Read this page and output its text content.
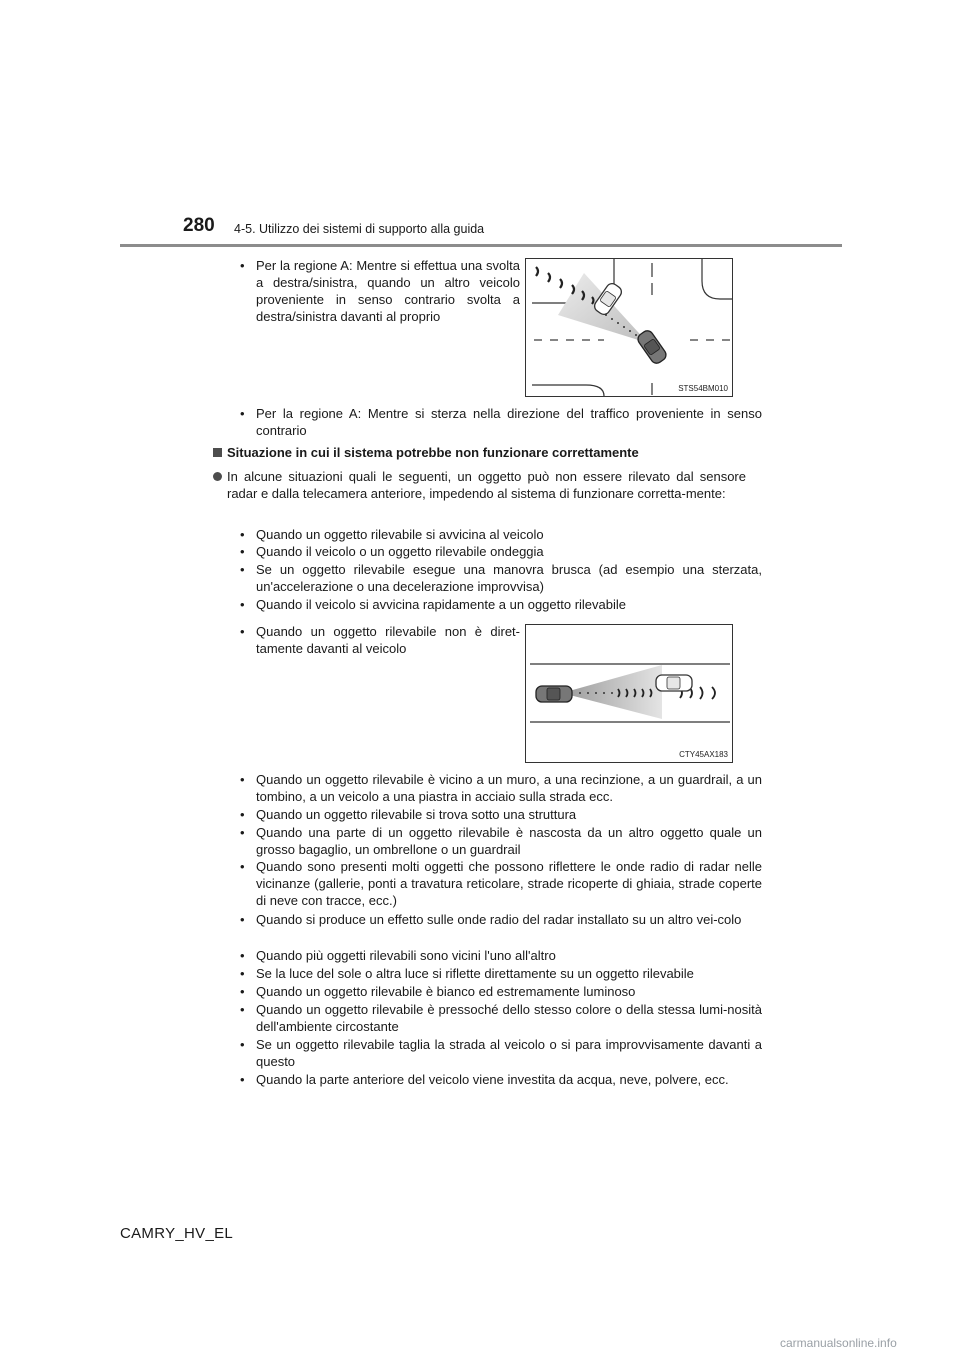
280 4-5. Utilizzo dei sistemi di supporto alla guida
• Per la regione A: Mentre si effettua una svolta a destra/sinistra, quando un altro veicolo proveniente in senso contrario svolta a destra/sinistra davanti al proprio
STS54BM010
• Per la regione A: Mentre si sterza nella direzione del traffico proveniente in senso contrario
Situazione in cui il sistema potrebbe non funzionare correttamente
In alcune situazioni quali le seguenti, un oggetto può non essere rilevato dal sensore radar e dalla telecamera anteriore, impedendo al sistema di funzionare corretta-mente:
• Quando un oggetto rilevabile si avvicina al veicolo
• Quando il veicolo o un oggetto rilevabile ondeggia
• Se un oggetto rilevabile esegue una manovra brusca (ad esempio una sterzata, un'accelerazione o una decelerazione improvvisa)
• Quando il veicolo si avvicina rapidamente a un oggetto rilevabile
• Quando un oggetto rilevabile non è diret-tamente davanti al veicolo
CTY45AX183
• Quando un oggetto rilevabile è vicino a un muro, a una recinzione, a un guardrail, a un tombino, a un veicolo a una piastra in acciaio sulla strada ecc.
• Quando un oggetto rilevabile si trova sotto una struttura
• Quando una parte di un oggetto rilevabile è nascosta da un altro oggetto quale un grosso bagaglio, un ombrellone o un guardrail
• Quando sono presenti molti oggetti che possono riflettere le onde radio di radar nelle vicinanze (gallerie, ponti a travatura reticolare, strade ricoperte di ghiaia, strade coperte di neve con tracce, ecc.)
• Quando si produce un effetto sulle onde radio del radar installato su un altro vei-colo
• Quando più oggetti rilevabili sono vicini l'uno all'altro
• Se la luce del sole o altra luce si riflette direttamente su un oggetto rilevabile
• Quando un oggetto rilevabile è bianco ed estremamente luminoso
• Quando un oggetto rilevabile è pressoché dello stesso colore o della stessa lumi-nosità dell'ambiente circostante
• Se un oggetto rilevabile taglia la strada al veicolo o si para improvvisamente davanti a questo
• Quando la parte anteriore del veicolo viene investita da acqua, neve, polvere, ecc.
CAMRY_HV_EL
carmanualsonline.info
